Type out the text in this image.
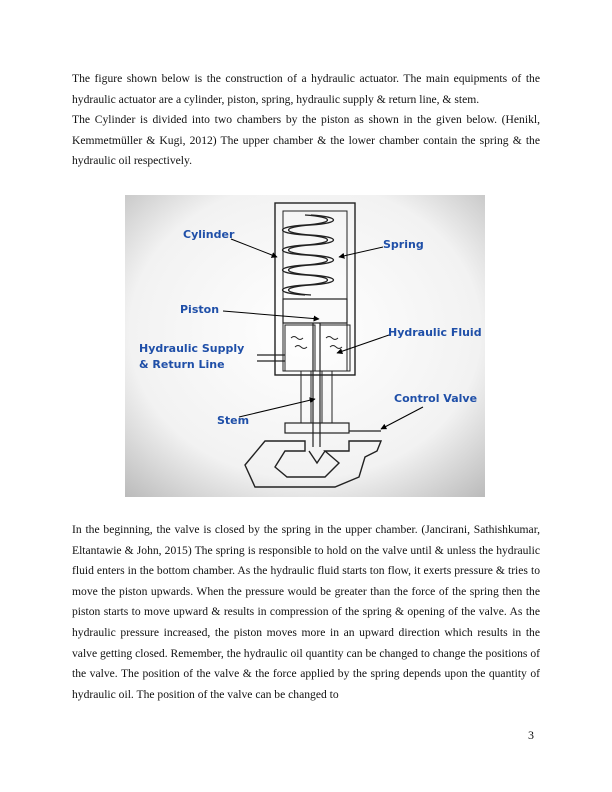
The figure shown below is the construction of a hydraulic actuator. The main equipments of the hydraulic actuator are a cylinder, piston, spring, hydraulic supply & return line, & stem.
The Cylinder is divided into two chambers by the piston as shown in the given below. (Henikl, Kemmetmüller & Kugi, 2012) The upper chamber & the lower chamber contain the spring & the hydraulic oil respectively.
Cylinder
Spring
Piston
Hydraulic Fluid
Hydraulic Supply
& Return Line
Control Valve
Stem

In the beginning, the valve is closed by the spring in the upper chamber. (Jancirani, Sathishkumar, Eltantawie & John, 2015) The spring is responsible to hold on the valve until & unless the hydraulic fluid enters in the bottom chamber. As the hydraulic fluid starts ton flow, it exerts pressure & tries to move the piston upwards. When the pressure would be greater than the force of the spring then the piston starts to move upward & results in compression of the spring & opening of the valve. As the hydraulic pressure increased, the piston moves more in an upward direction which results in the valve getting closed. Remember, the hydraulic oil quantity can be changed to change the positions of the valve. The position of the valve & the force applied by the spring depends upon the quantity of hydraulic oil. The position of the valve can be changed to

3
